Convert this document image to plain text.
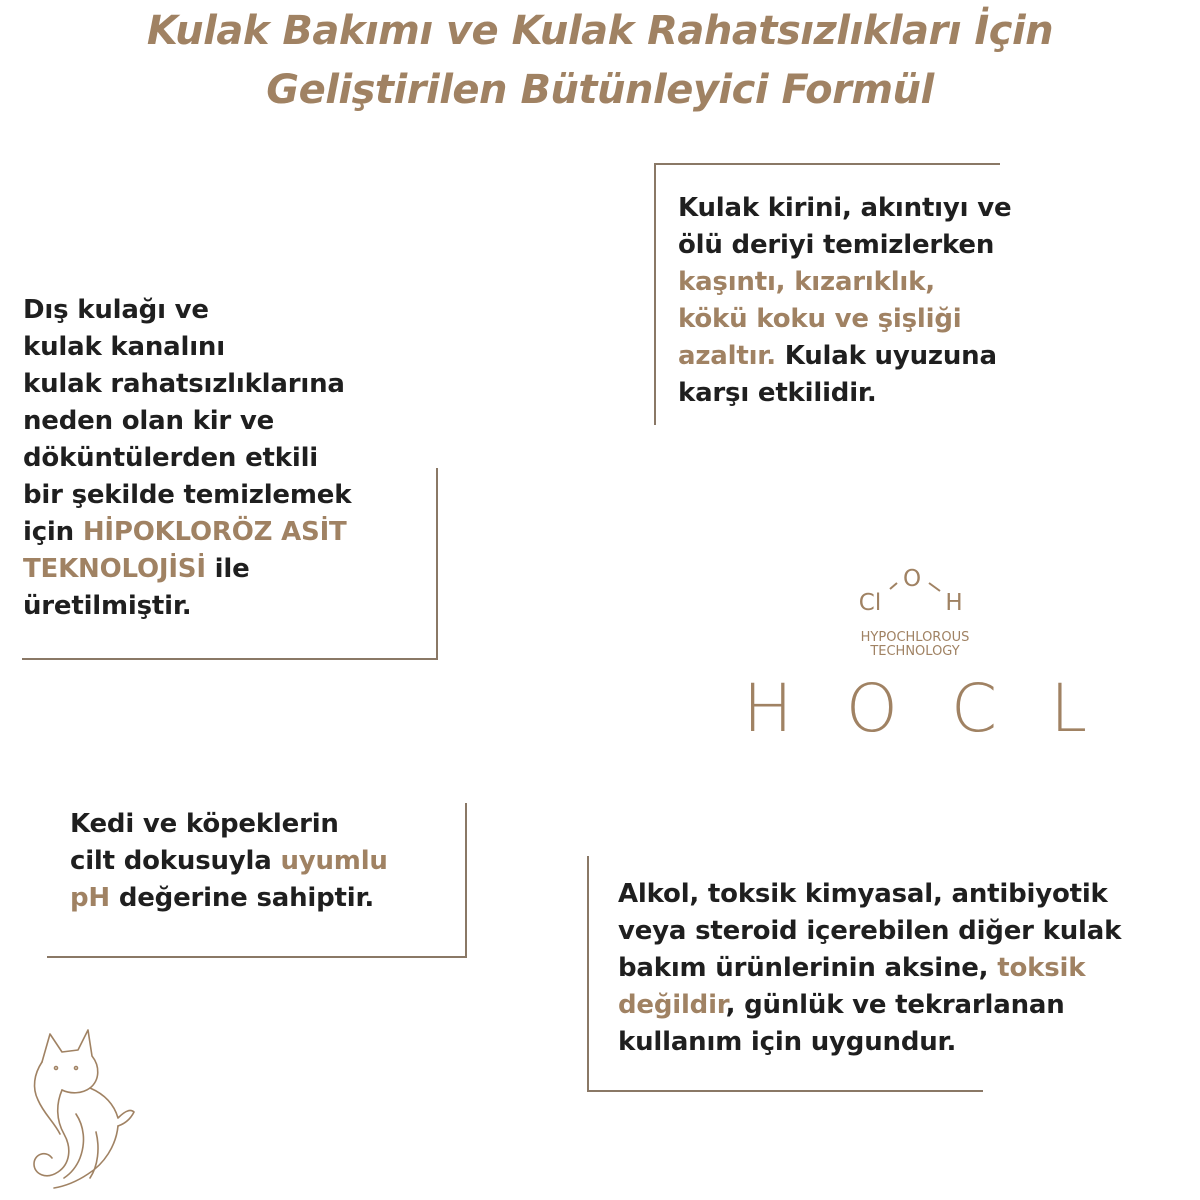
Kulak Bakımı ve Kulak Rahatsızlıkları İçin
Geliştirilen Bütünleyici Formül
Kulak kirini, akıntıyı ve
ölü deriyi temizlerken
kaşıntı, kızarıklık,
kökü koku ve şişliği
azaltır. Kulak uyuzuna
karşı etkilidir.
Dış kulağı ve
kulak kanalını
kulak rahatsızlıklarına
neden olan kir ve
döküntülerden etkili
bir şekilde temizlemek
için HİPOKLORÖZ ASİT
TEKNOLOJİSİ ile
üretilmiştir.
O
Cl	H
HYPOCHLOROUS
TECHNOLOGY
HOCL
Kedi ve köpeklerin
cilt dokusuyla uyumlu
pH değerine sahiptir.	Alkol, toksik kimyasal, antibiyotik
veya steroid içerebilen diğer kulak
bakım ürünlerinin aksine, toksik
değildir, günlük ve tekrarlanan
kullanım için uygundur.
